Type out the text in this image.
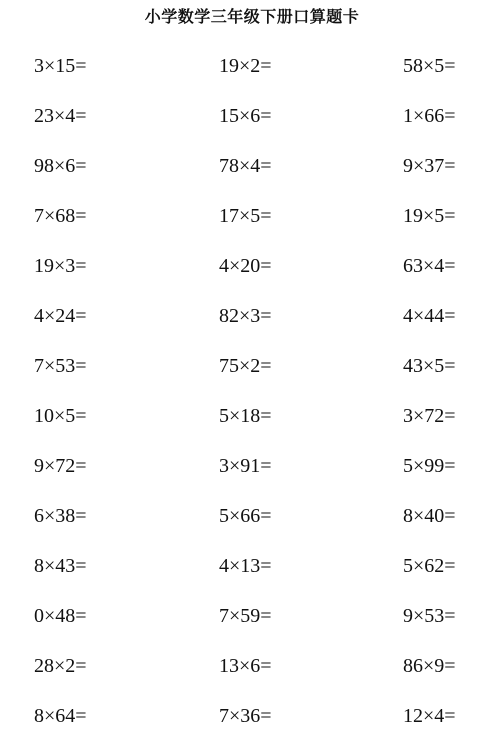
小学数学三年级下册口算题卡
3×15=	19×2=	58×5=
23×4=	15×6=	1×66=
98×6=	78×4=	9×37=
7×68=	17×5=	19×5=
19×3=	4×20=	63×4=
4×24=	82×3=	4×44=
7×53=	75×2=	43×5=
10×5=	5×18=	3×72=
9×72=	3×91=	5×99=
6×38=	5×66=	8×40=
8×43=	4×13=	5×62=
0×48=	7×59=	9×53=
28×2=	13×6=	86×9=
8×64=	7×36=	12×4=
